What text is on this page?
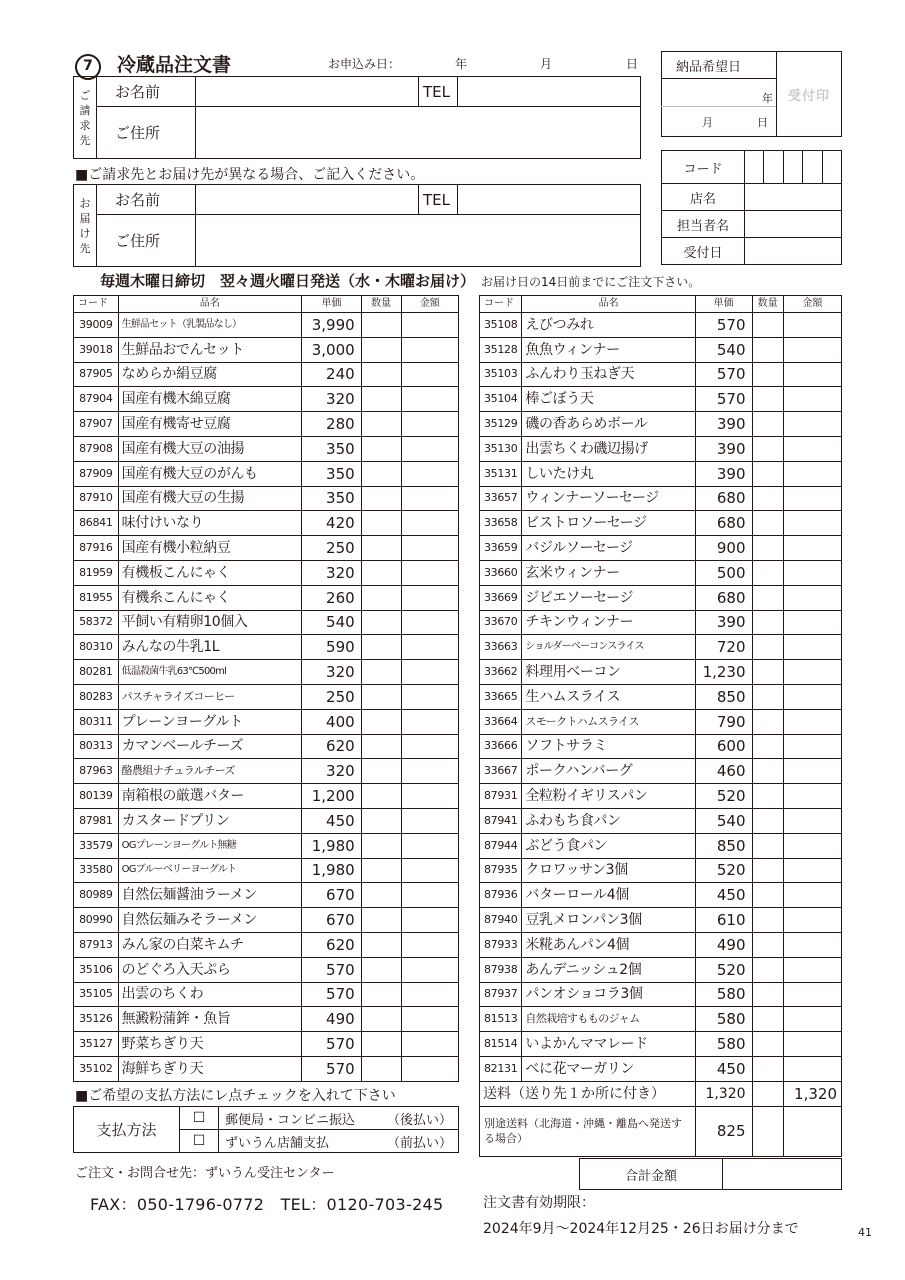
7 冷蔵品注文書	お申込み日：	年	月	日
ご
請
求
先	お名前		TEL	
	ご住所			
■ご請求先とお届け先が異なる場合、ご記入ください。
お
届
け
先	お名前		TEL	
	ご住所			
納品希望日	受付印
年
月	日
コード					
店名					
担当者名					
受付日					
毎週木曜日締切　翌々週火曜日発送（水・木曜お届け） お届け日の14日前までにご注文下さい。
コード	品名	単価	数量	金額
39009	生鮮品セット（乳製品なし）	3,990		
39018	生鮮品おでんセット	3,000		
87905	なめらか絹豆腐	240		
87904	国産有機木綿豆腐	320		
87907	国産有機寄せ豆腐	280		
87908	国産有機大豆の油揚	350		
87909	国産有機大豆のがんも	350		
87910	国産有機大豆の生揚	350		
86841	味付けいなり	420		
87916	国産有機小粒納豆	250		
81959	有機板こんにゃく	320		
81955	有機糸こんにゃく	260		
58372	平飼い有精卵10個入	540		
80310	みんなの牛乳1L	590		
80281	低温殺菌牛乳63℃500ml	320		
80283	パスチャライズコーヒー	250		
80311	プレーンヨーグルト	400		
80313	カマンベールチーズ	620		
87963	酪農組ナチュラルチーズ	320		
80139	南箱根の厳選バター	1,200		
87981	カスタードプリン	450		
33579	OGプレーンヨーグルト無糖	1,980		
33580	OGブルーベリーヨーグルト	1,980		
80989	自然伝麺醤油ラーメン	670		
80990	自然伝麺みそラーメン	670		
87913	みん家の白菜キムチ	620		
35106	のどぐろ入天ぷら	570		
35105	出雲のちくわ	570		
35126	無澱粉蒲鉾・魚旨	490		
35127	野菜ちぎり天	570		
35102	海鮮ちぎり天	570		
コード	品名	単価	数量	金額
35108	えびつみれ	570		
35128	魚魚ウィンナー	540		
35103	ふんわり玉ねぎ天	570		
35104	棒ごぼう天	570		
35129	磯の香あらめボール	390		
35130	出雲ちくわ磯辺揚げ	390		
35131	しいたけ丸	390		
33657	ウィンナーソーセージ	680		
33658	ビストロソーセージ	680		
33659	バジルソーセージ	900		
33660	玄米ウィンナー	500		
33669	ジビエソーセージ	680		
33670	チキンウィンナー	390		
33663	ショルダーベーコンスライス	720		
33662	料理用ベーコン	1,230		
33665	生ハムスライス	850		
33664	スモークトハムスライス	790		
33666	ソフトサラミ	600		
33667	ポークハンバーグ	460		
87931	全粒粉イギリスパン	520		
87941	ふわもち食パン	540		
87944	ぶどう食パン	850		
87935	クロワッサン3個	520		
87936	バターロール4個	450		
87940	豆乳メロンパン3個	610		
87933	米糀あんパン4個	490		
87938	あんデニッシュ2個	520		
87937	パンオショコラ3個	580		
81513	自然栽培すもものジャム	580		
81514	いよかんママレード	580		
82131	べに花マーガリン	450		
送料（送り先１か所に付き）		1,320		1,320
別途送料（北海道・沖縄・離島へ発送する場合）		825		
合計金額	
■ご希望の支払方法にレ点チェックを入れて下さい
支払方法	☐	郵便局・コンビニ振込 （後払い）

	☐	ずいうん店舗支払 （前払い）
ご注文・お問合せ先：ずいうん受注センター
FAX：050-1796-0772　TEL：0120-703-245	注文書有効期限：
2024年9月～2024年12月25・26日お届け分まで	41
